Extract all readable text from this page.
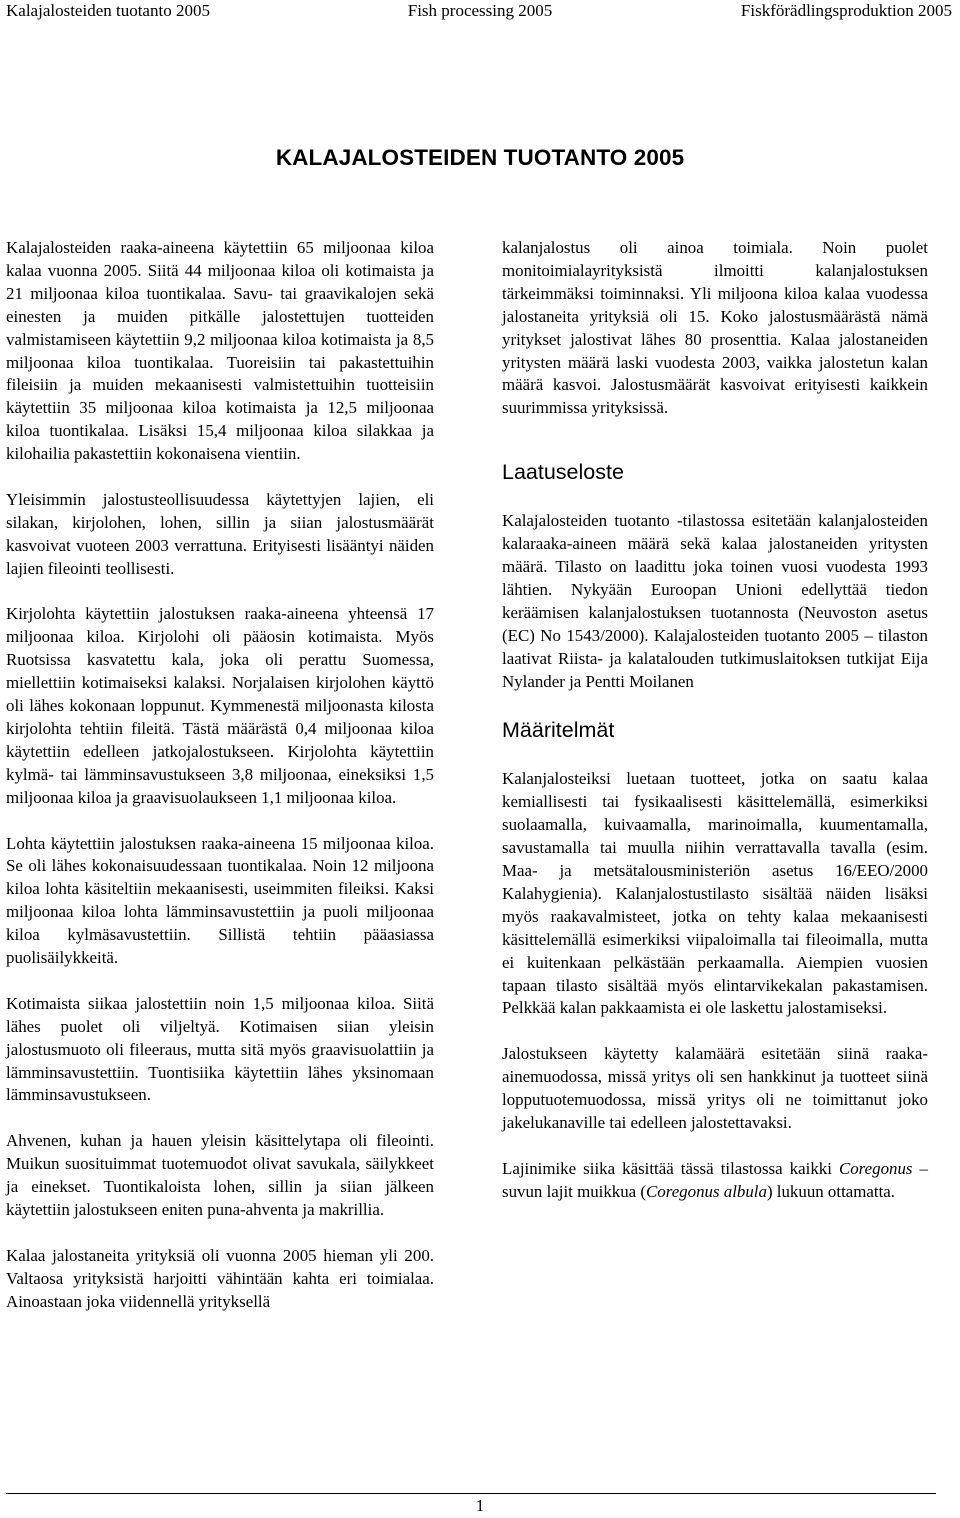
Kalajalosteiden tuotanto 2005	Fish processing 2005	Fiskförädlingsproduktion 2005
KALAJALOSTEIDEN TUOTANTO 2005

Kalajalosteiden raaka-aineena käytettiin 65 miljoonaa kiloa kalaa vuonna 2005. Siitä 44 miljoonaa kiloa oli kotimaista ja 21 miljoonaa kiloa tuontikalaa. Savu- tai graavikalojen sekä einesten ja muiden pitkälle jalostettujen tuotteiden valmistamiseen käytettiin 9,2 miljoonaa kiloa kotimaista ja 8,5 miljoonaa kiloa tuontikalaa. Tuoreisiin tai pakastettuihin fileisiin ja muiden mekaanisesti valmistettuihin tuotteisiin käytettiin 35 miljoonaa kiloa kotimaista ja 12,5 miljoonaa kiloa tuontikalaa. Lisäksi 15,4 miljoonaa kiloa silakkaa ja kilohailia pakastettiin kokonaisena vientiin.

Yleisimmin jalostusteollisuudessa käytettyjen lajien, eli silakan, kirjolohen, lohen, sillin ja siian jalostusmäärät kasvoivat vuoteen 2003 verrattuna. Erityisesti lisääntyi näiden lajien fileointi teollisesti.

Kirjolohta käytettiin jalostuksen raaka-aineena yhteensä 17 miljoonaa kiloa. Kirjolohi oli pääosin kotimaista. Myös Ruotsissa kasvatettu kala, joka oli perattu Suomessa, miellettiin kotimaiseksi kalaksi. Norjalaisen kirjolohen käyttö oli lähes kokonaan loppunut. Kymmenestä miljoonasta kilosta kirjolohta tehtiin fileitä. Tästä määrästä 0,4 miljoonaa kiloa käytettiin edelleen jatkojalostukseen. Kirjolohta käytettiin kylmä- tai lämminsavustukseen 3,8 miljoonaa, eineksiksi 1,5 miljoonaa kiloa ja graavisuolaukseen 1,1 miljoonaa kiloa.

Lohta käytettiin jalostuksen raaka-aineena 15 miljoonaa kiloa. Se oli lähes kokonaisuudessaan tuontikalaa. Noin 12 miljoona kiloa lohta käsiteltiin mekaanisesti, useimmiten fileiksi. Kaksi miljoonaa kiloa lohta lämminsavustettiin ja puoli miljoonaa kiloa kylmäsavustettiin. Sillistä tehtiin pääasiassa puolisäilykkeitä.

Kotimaista siikaa jalostettiin noin 1,5 miljoonaa kiloa. Siitä lähes puolet oli viljeltyä. Kotimaisen siian yleisin jalostusmuoto oli fileeraus, mutta sitä myös graavisuolattiin ja lämminsavustettiin. Tuontisiika käytettiin lähes yksinomaan lämminsavustukseen.

Ahvenen, kuhan ja hauen yleisin käsittelytapa oli fileointi. Muikun suosituimmat tuotemuodot olivat savukala, säilykkeet ja einekset. Tuontikaloista lohen, sillin ja siian jälkeen käytettiin jalostukseen eniten puna-ahventa ja makrillia.

Kalaa jalostaneita yrityksiä oli vuonna 2005 hieman yli 200. Valtaosa yrityksistä harjoitti vähintään kahta eri toimialaa. Ainoastaan joka viidennellä yrityksellä

kalanjalostus oli ainoa toimiala. Noin puolet monitoimialayrityksistä ilmoitti kalanjalostuksen tärkeimmäksi toiminnaksi. Yli miljoona kiloa kalaa vuodessa jalostaneita yrityksiä oli 15. Koko jalostusmäärästä nämä yritykset jalostivat lähes 80 prosenttia. Kalaa jalostaneiden yritysten määrä laski vuodesta 2003, vaikka jalostetun kalan määrä kasvoi. Jalostusmäärät kasvoivat erityisesti kaikkein suurimmissa yrityksissä.

Laatuseloste

Kalajalosteiden tuotanto -tilastossa esitetään kalanjalosteiden kalaraaka-aineen määrä sekä kalaa jalostaneiden yritysten määrä. Tilasto on laadittu joka toinen vuosi vuodesta 1993 lähtien. Nykyään Euroopan Unioni edellyttää tiedon keräämisen kalanjalostuksen tuotannosta (Neuvoston asetus (EC) No 1543/2000). Kalajalosteiden tuotanto 2005 – tilaston laativat Riista- ja kalatalouden tutkimuslaitoksen tutkijat Eija Nylander ja Pentti Moilanen

Määritelmät

Kalanjalosteiksi luetaan tuotteet, jotka on saatu kalaa kemiallisesti tai fysikaalisesti käsittelemällä, esimerkiksi suolaamalla, kuivaamalla, marinoimalla, kuumentamalla, savustamalla tai muulla niihin verrattavalla tavalla (esim. Maa- ja metsätalousministeriön asetus 16/EEO/2000 Kalahygienia). Kalanjalostustilasto sisältää näiden lisäksi myös raakavalmisteet, jotka on tehty kalaa mekaanisesti käsittelemällä esimerkiksi viipaloimalla tai fileoimalla, mutta ei kuitenkaan pelkästään perkaamalla. Aiempien vuosien tapaan tilasto sisältää myös elintarvikekalan pakastamisen. Pelkkää kalan pakkaamista ei ole laskettu jalostamiseksi.

Jalostukseen käytetty kalamäärä esitetään siinä raaka-ainemuodossa, missä yritys oli sen hankkinut ja tuotteet siinä lopputuotemuodossa, missä yritys oli ne toimittanut joko jakelukanaville tai edelleen jalostettavaksi.

Lajinimike siika käsittää tässä tilastossa kaikki Coregonus – suvun lajit muikkua (Coregonus albula) lukuun ottamatta.

1
